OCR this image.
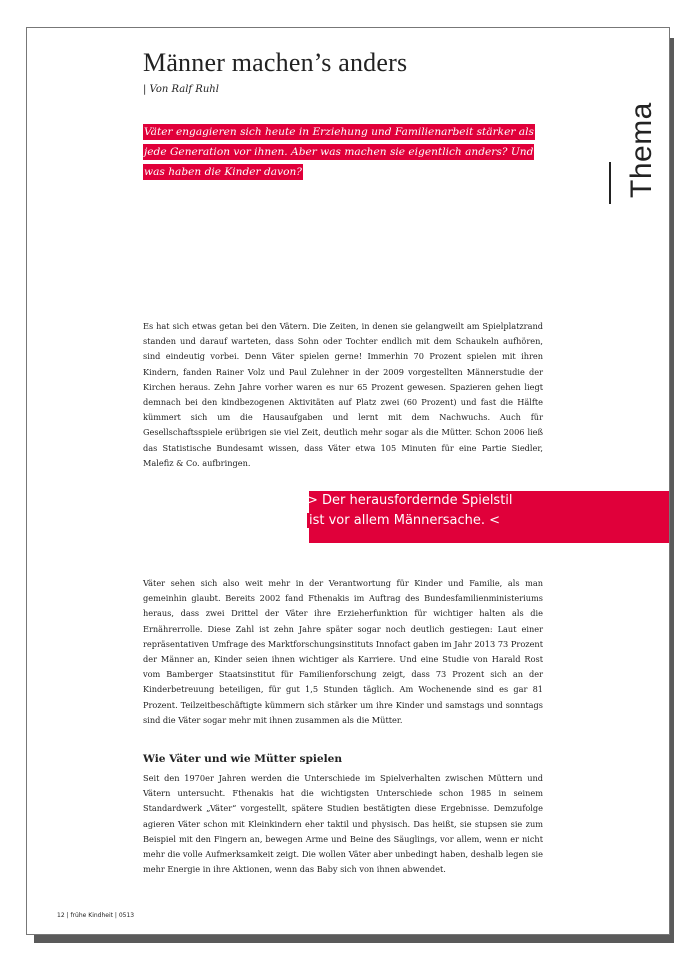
Männer machen’s anders
| Von Ralf Ruhl
Väter engagieren sich heute in Erziehung und Familienarbeit stärker als jede Generation vor ihnen. Aber was machen sie eigentlich anders? Und was haben die Kinder davon?	Thema
Es hat sich etwas getan bei den Vätern. Die Zeiten, in denen sie gelangweilt am Spielplatzrand standen und darauf warteten, dass Sohn oder Tochter endlich mit dem Schaukeln aufhören, sind eindeutig vorbei. Denn Väter spielen gerne! Immerhin 70 Prozent spielen mit ihren Kindern, fanden Rainer Volz und Paul Zulehner in der 2009 vorgestellten Männerstudie der Kirchen heraus. Zehn Jahre vorher waren es nur 65 Prozent gewesen. Spazieren gehen liegt demnach bei den kindbezogenen Aktivitäten auf Platz zwei (60 Prozent) und fast die Hälfte kümmert sich um die Hausaufgaben und lernt mit dem Nachwuchs. Auch für Gesellschaftsspiele erübrigen sie viel Zeit, deutlich mehr sogar als die Mütter. Schon 2006 ließ das Statistische Bundesamt wissen, dass Väter etwa 105 Minuten für eine Partie Siedler, Malefiz & Co. aufbringen.
> Der herausfordernde Spielstil
ist vor allem Männersache. <
Väter sehen sich also weit mehr in der Verantwortung für Kinder und Familie, als man gemeinhin glaubt. Bereits 2002 fand Fthenakis im Auftrag des Bundesfamilienministeriums heraus, dass zwei Drittel der Väter ihre Erzieherfunktion für wichtiger halten als die Ernährerrolle. Diese Zahl ist zehn Jahre später sogar noch deutlich gestiegen: Laut einer repräsentativen Umfrage des Marktforschungsinstituts Innofact gaben im Jahr 2013 73 Prozent der Männer an, Kinder seien ihnen wichtiger als Karriere. Und eine Studie von Harald Rost vom Bamberger Staatsinstitut für Familienforschung zeigt, dass 73 Prozent sich an der Kinderbetreuung beteiligen, für gut 1,5 Stunden täglich. Am Wochenende sind es gar 81 Prozent. Teilzeitbeschäftigte kümmern sich stärker um ihre Kinder und samstags und sonntags sind die Väter sogar mehr mit ihnen zusammen als die Mütter.
Wie Väter und wie Mütter spielen
Seit den 1970er Jahren werden die Unterschiede im Spielverhalten zwischen Müttern und Vätern untersucht. Fthenakis hat die wichtigsten Unterschiede schon 1985 in seinem Standardwerk „Väter“ vorgestellt, spätere Studien bestätigten diese Ergebnisse. Demzufolge agieren Väter schon mit Kleinkindern eher taktil und physisch. Das heißt, sie stupsen sie zum Beispiel mit den Fingern an, bewegen Arme und Beine des Säuglings, vor allem, wenn er nicht mehr die volle Aufmerksamkeit zeigt. Die wollen Väter aber unbedingt haben, deshalb legen sie mehr Energie in ihre Aktionen, wenn das Baby sich von ihnen abwendet.
12 | frühe Kindheit | 0513
